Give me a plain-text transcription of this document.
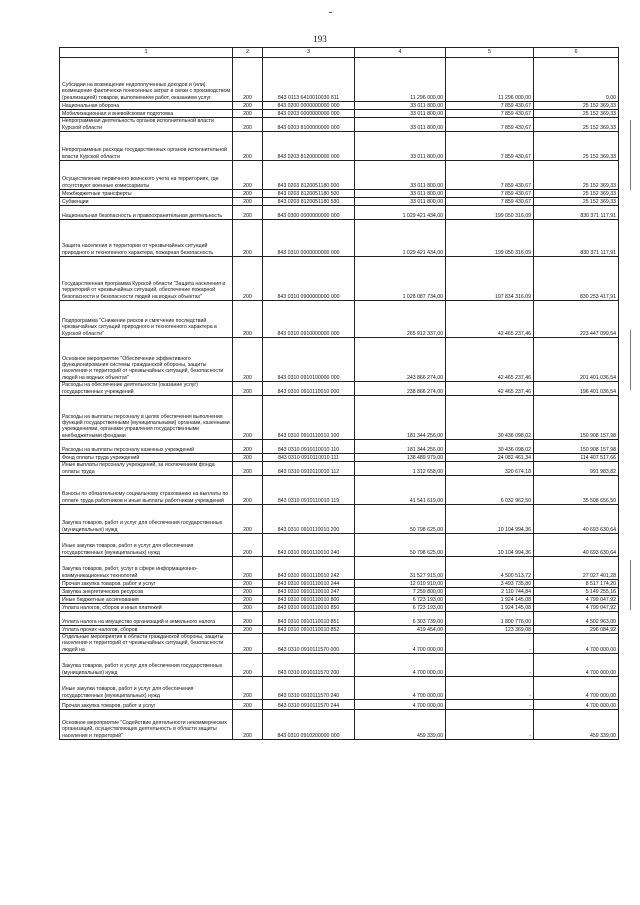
193
1	2	3	4	5	6
Субсидии на возмещение недополученных доходов и (или) возмещение фактически понесенных затрат в связи с производством (реализацией) товаров, выполнением работ, оказанием услуг	200	843 0113 6410010030 811	11 296 000,00	11 296 000,00	0,00
Национальная оборона	200	843 0200 0000000000 000	33 011 800,00	7 859 430,67	25 152 369,33
Мобилизационная и вневойсковая подготовка	200	843 0203 0000000000 000	33 011 800,00	7 859 430,67	25 152 369,33
Непрограммная деятельность органов исполнительной власти Курской области	200	843 0203 8100000000 000	33 011 800,00	7 859 430,67	25 152 369,33
Непрограммные расходы государственных органов исполнительной власти Курской области	200	843 0203 8120000000 000	33 011 800,00	7 859 430,67	25 152 369,33
Осуществление первичного воинского учета на территориях, где отсутствуют военные комиссариаты	200	843 0203 8120051180 000	33 011 800,00	7 859 430,67	25 152 369,33
Межбюджетные трансферты	200	843 0203 8120051180 500	33 011 800,00	7 859 430,67	25 152 369,33
Субвенции	200	843 0203 8120051180 530	33 011 800,00	7 859 430,67	25 152 369,33
Национальная безопасность и правоохранительная деятельность	200	843 0300 0000000000 000	1 029 421 434,00	199 050 316,09	830 371 117,91
Защита населения и территории от чрезвычайных ситуаций природного и техногенного характера, пожарная безопасность	200	843 0310 0000000000 000	1 029 421 434,00	199 050 316,09	830 371 117,91
Государственная программа Курской области "Защита населения и территорий от чрезвычайных ситуаций, обеспечение пожарной безопасности и безопасности людей на водных объектах"	200	843 0310 0900000000 000	1 028 087 734,00	197 834 316,09	830 253 417,91
Подпрограмма "Снижение рисков и смягчение последствий чрезвычайных ситуаций природного и техногенного характера в Курской области"	200	843 0310 0910000000 000	265 912 337,00	42 465 237,46	223 447 099,54
Основное мероприятие "Обеспечение эффективного функционирования системы гражданской обороны, защиты населения и территорий от чрезвычайных ситуаций, безопасности людей на водных объектах"	200	843 0310 0910100000 000	243 866 274,00	42 465 237,46	201 401 036,54
Расходы на обеспечение деятельности (оказание услуг) государственных учреждений	200	843 0310 0910110010 000	238 866 274,00	42 465 237,46	196 401 036,54
Расходы на выплаты персоналу в целях обеспечения выполнения функций государственными (муниципальными) органами, казенными учреждениями, органами управления государственными внебюджетными фондами	200	843 0310 0910110010 100	181 344 256,00	30 436 098,02	150 908 157,98
Расходы на выплаты персоналу казенных учреждений	200	843 0310 0910110010 110	181 344 256,00	30 436 098,02	150 908 157,98
Фонд оплаты труда учреждений	200	843 0310 0910110010 111	138 489 979,00	24 082 461,34	114 407 517,66
Иные выплаты персоналу учреждений, за исключением фонда оплаты труда	200	843 0310 0910110010 112	1 312 658,00	320 674,18	991 983,82
Взносы по обязательному социальному страхованию на выплаты по оплате труда работников и иные выплаты работникам учреждений	200	843 0310 0910110010 119	41 541 619,00	6 032 962,50	35 508 656,50
Закупка товаров, работ и услуг для обеспечения государственных (муниципальных) нужд	200	843 0310 0910110010 200	50 798 625,00	10 104 994,36	40 693 630,64
Иные закупки товаров, работ и услуг для обеспечения государственных (муниципальных) нужд	200	843 0310 0910110010 240	50 798 625,00	10 104 994,36	40 693 630,64
Закупка товаров, работ, услуг в сфере информационно-коммуникационных технологий	200	843 0310 0910110010 242	31 527 915,00	4 500 513,72	27 027 401,28
Прочая закупка товаров, работ и услуг	200	843 0310 0910110010 244	12 010 910,00	3 493 735,80	8 517 174,20
Закупка энергетических ресурсов	200	843 0310 0910110010 247	7 259 800,00	2 110 744,84	5 149 255,16
Иные бюджетные ассигнования	200	843 0310 0910110010 800	6 723 193,00	1 924 145,08	4 799 047,92
Уплата налогов, сборов и иных платежей	200	843 0310 0910110010 850	6 723 193,00	1 924 145,08	4 799 047,92
Уплата налога на имущество организаций и земельного налога	200	843 0310 0910110010 851	6 303 739,00	1 800 776,00	4 502 963,00
Уплата прочих налогов, сборов	200	843 0310 0910110010 852	419 454,00	123 369,08	296 084,92
Отдельные мероприятия в области гражданской обороны, защиты населения и территорий от чрезвычайных ситуаций, безопасности людей на	200	843 0310 0910111570 000	4 700 000,00	-	4 700 000,00
Закупка товаров, работ и услуг для обеспечения государственных (муниципальных) нужд	200	843 0310 0910111570 200	4 700 000,00	-	4 700 000,00
Иные закупки товаров, работ и услуг для обеспечения государственных (муниципальных) нужд	200	843 0310 0910111570 240	4 700 000,00	-	4 700 000,00
Прочая закупка товаров, работ и услуг	200	843 0310 0910111570 244	4 700 000,00	-	4 700 000,00
Основное мероприятие "Содействие деятельности некоммерческих организаций, осуществляющих деятельность в области защиты населения и территорий"	200	843 0310 0910200000 000	459 339,00	-	459 339,00
